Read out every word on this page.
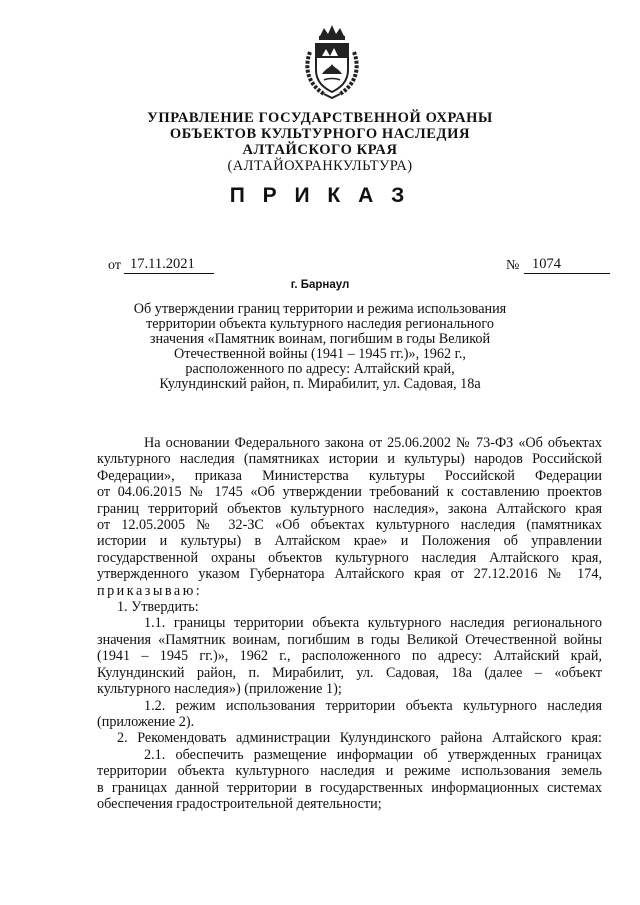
УПРАВЛЕНИЕ ГОСУДАРСТВЕННОЙ ОХРАНЫ
ОБЪЕКТОВ КУЛЬТУРНОГО НАСЛЕДИЯ
АЛТАЙСКОГО КРАЯ
(АЛТАЙОХРАНКУЛЬТУРА)
П Р И К А З
от 17.11.2021	№ 1074
г. Барнаул
Об утверждении границ территории и режима использования
территории объекта культурного наследия регионального
значения «Памятник воинам, погибшим в годы Великой
Отечественной войны (1941 – 1945 гг.)», 1962 г.,
расположенного по адресу: Алтайский край,
Кулундинский район, п. Мирабилит, ул. Садовая, 18а
На основании Федерального закона от 25.06.2002 № 73-ФЗ «Об объектах
культурного наследия (памятниках истории и культуры) народов Российской
Федерации», приказа Министерства культуры Российской Федерации
от 04.06.2015 № 1745 «Об утверждении требований к составлению проектов
границ территорий объектов культурного наследия», закона Алтайского края
от 12.05.2005 № 32-ЗС «Об объектах культурного наследия (памятниках
истории и культуры) в Алтайском крае» и Положения об управлении
государственной охраны объектов культурного наследия Алтайского края,
утвержденного указом Губернатора Алтайского края от 27.12.2016 № 174,
приказываю:
1. Утвердить:
1.1. границы территории объекта культурного наследия регионального
значения «Памятник воинам, погибшим в годы Великой Отечественной войны
(1941 – 1945 гг.)», 1962 г., расположенного по адресу: Алтайский край,
Кулундинский район, п. Мирабилит, ул. Садовая, 18а (далее – «объект
культурного наследия») (приложение 1);
1.2. режим использования территории объекта культурного наследия
(приложение 2).
2. Рекомендовать администрации Кулундинского района Алтайского края:
2.1. обеспечить размещение информации об утвержденных границах
территории объекта культурного наследия и режиме использования земель
в границах данной территории в государственных информационных системах
обеспечения градостроительной деятельности;
